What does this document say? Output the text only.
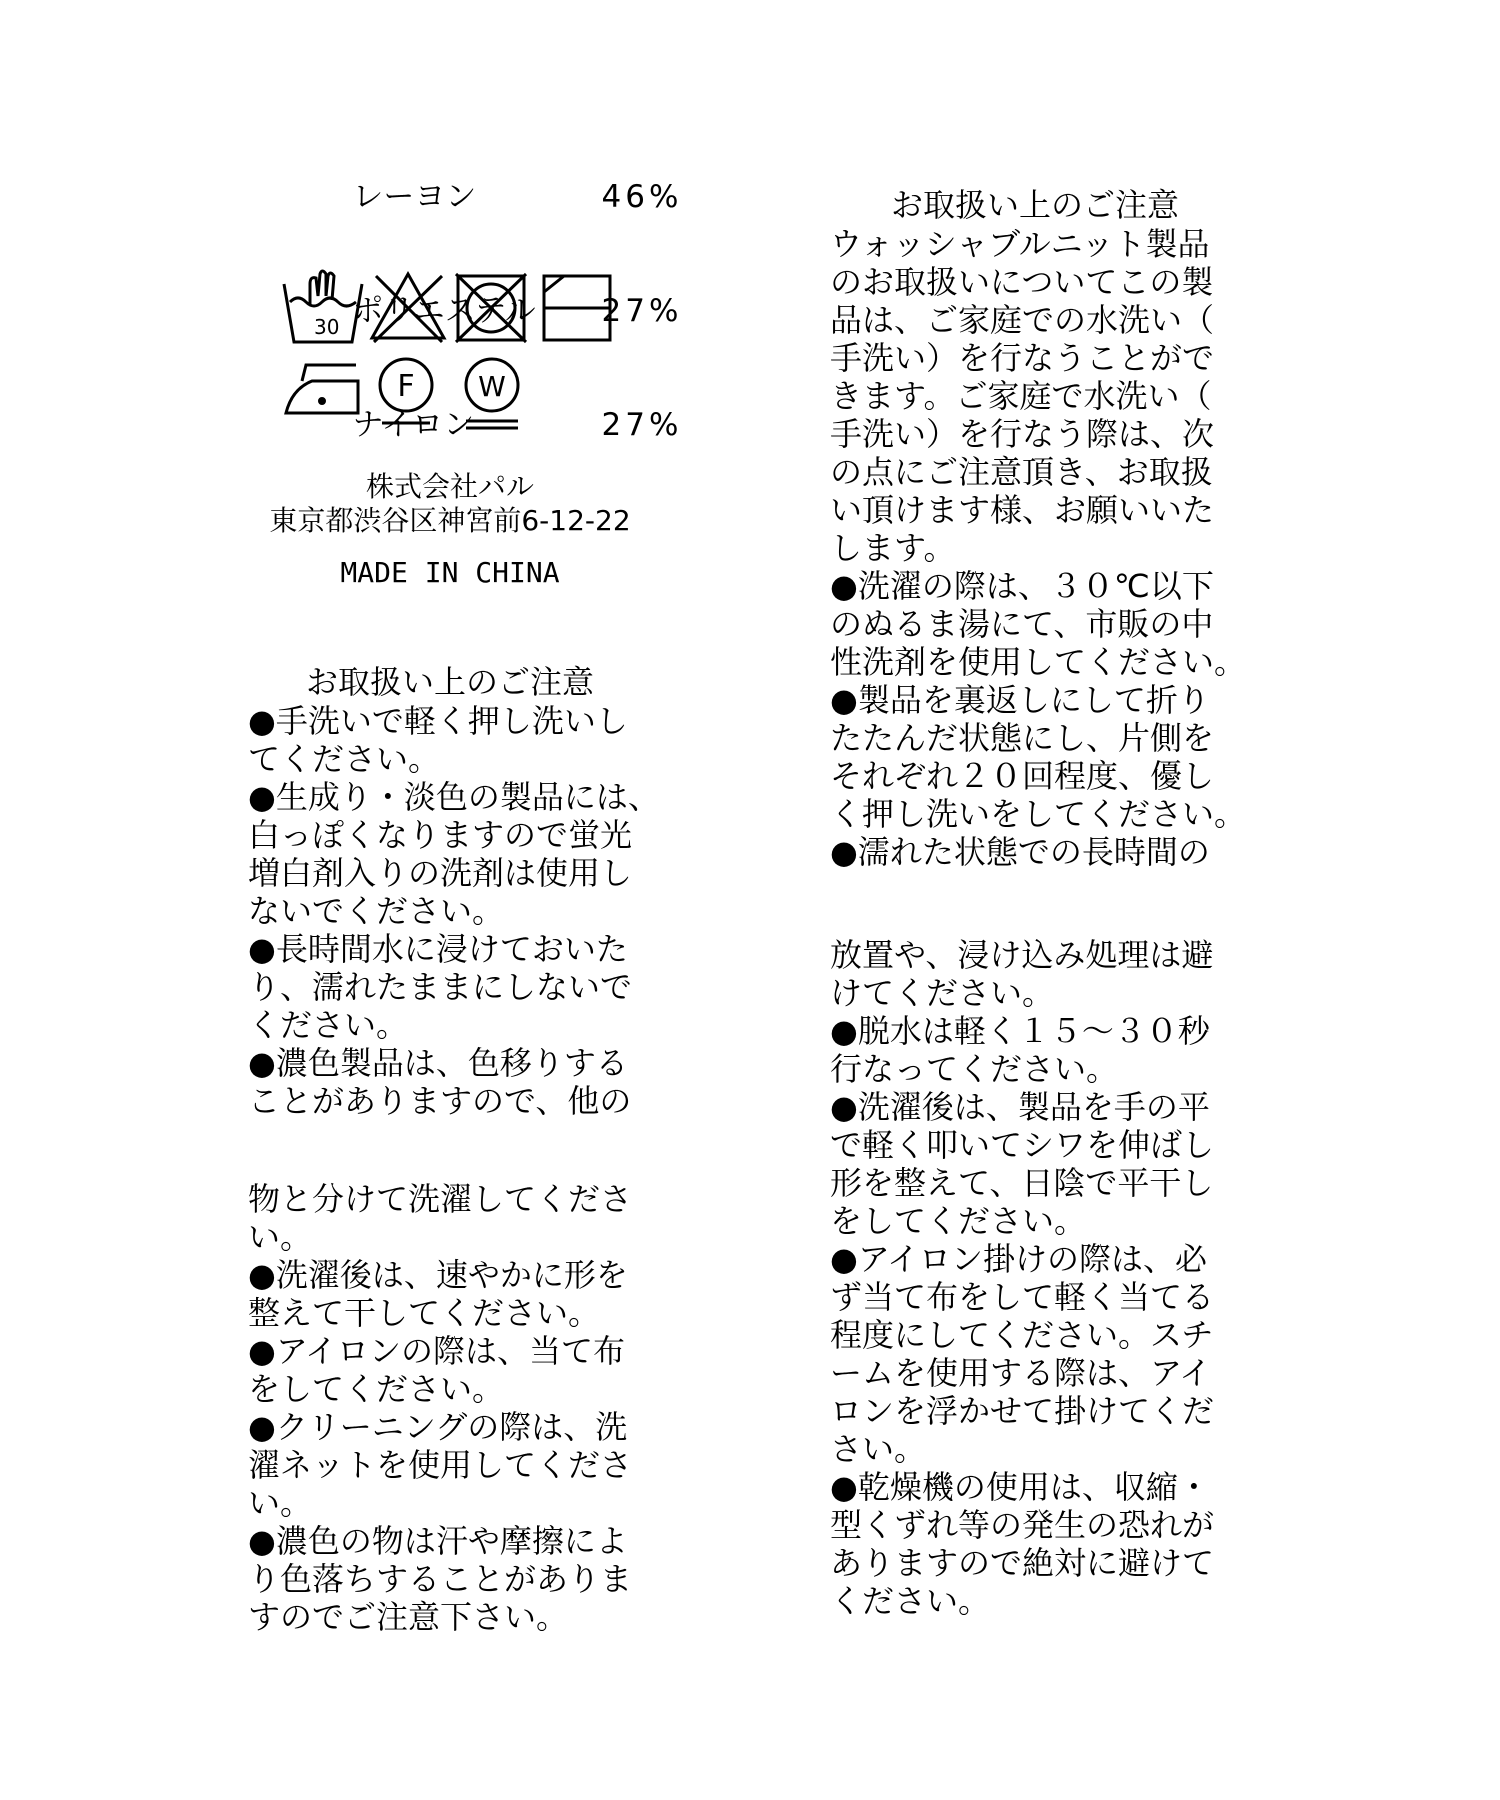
レーヨン	46%

ポリエステル 27%

ナイロン	27%

30
F W
株式会社パル
東京都渋谷区神宮前6-12-22
MADE IN CHINA
お取扱い上のご注意
●手洗いで軽く押し洗いし
てください。
●生成り・淡色の製品には、
白っぽくなりますので蛍光
増白剤入りの洗剤は使用し
ないでください。
●長時間水に浸けておいた
り、濡れたままにしないで
ください。
●濃色製品は、色移りする
ことがありますので、他の
物と分けて洗濯してくださ
い。
●洗濯後は、速やかに形を
整えて干してください。
●アイロンの際は、当て布
をしてください。
●クリーニングの際は、洗
濯ネットを使用してくださ
い。
●濃色の物は汗や摩擦によ
り色落ちすることがありま
すのでご注意下さい。
お取扱い上のご注意
ウォッシャブルニット製品
のお取扱いについてこの製
品は、ご家庭での水洗い（
手洗い）を行なうことがで
きます。ご家庭で水洗い（
手洗い）を行なう際は、次
の点にご注意頂き、お取扱
い頂けます様、お願いいた
します。
●洗濯の際は、３０℃以下
のぬるま湯にて、市販の中
性洗剤を使用してください。
●製品を裏返しにして折り
たたんだ状態にし、片側を
それぞれ２０回程度、優し
く押し洗いをしてください。
●濡れた状態での長時間の
放置や、浸け込み処理は避
けてください。
●脱水は軽く１５～３０秒
行なってください。
●洗濯後は、製品を手の平
で軽く叩いてシワを伸ばし
形を整えて、日陰で平干し
をしてください。
●アイロン掛けの際は、必
ず当て布をして軽く当てる
程度にしてください。スチ
ームを使用する際は、アイ
ロンを浮かせて掛けてくだ
さい。
●乾燥機の使用は、収縮・
型くずれ等の発生の恐れが
ありますので絶対に避けて
ください。
